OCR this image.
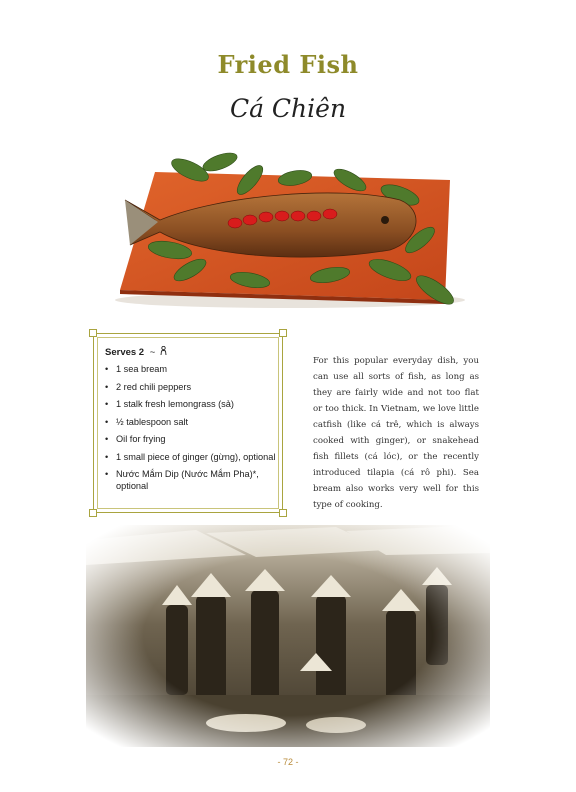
Fried Fish
Cá Chiên
Serves 2 ~
• 1 sea bream
• 2 red chili peppers
• 1 stalk fresh lemongrass (sả)
• ½ tablespoon salt
• Oil for frying
• 1 small piece of ginger (gừng), optional
• Nước Mắm Dip (Nước Mắm Pha)*, optional

For this popular everyday dish, you can use all sorts of fish, as long as they are fairly wide and not too flat or too thick. In Vietnam, we love little catfish (like cá trê, which is always cooked with ginger), or snakehead fish fillets (cá lóc), or the recently introduced tilapia (cá rô phi). Sea bream also works very well for this type of cooking.

- 72 -
